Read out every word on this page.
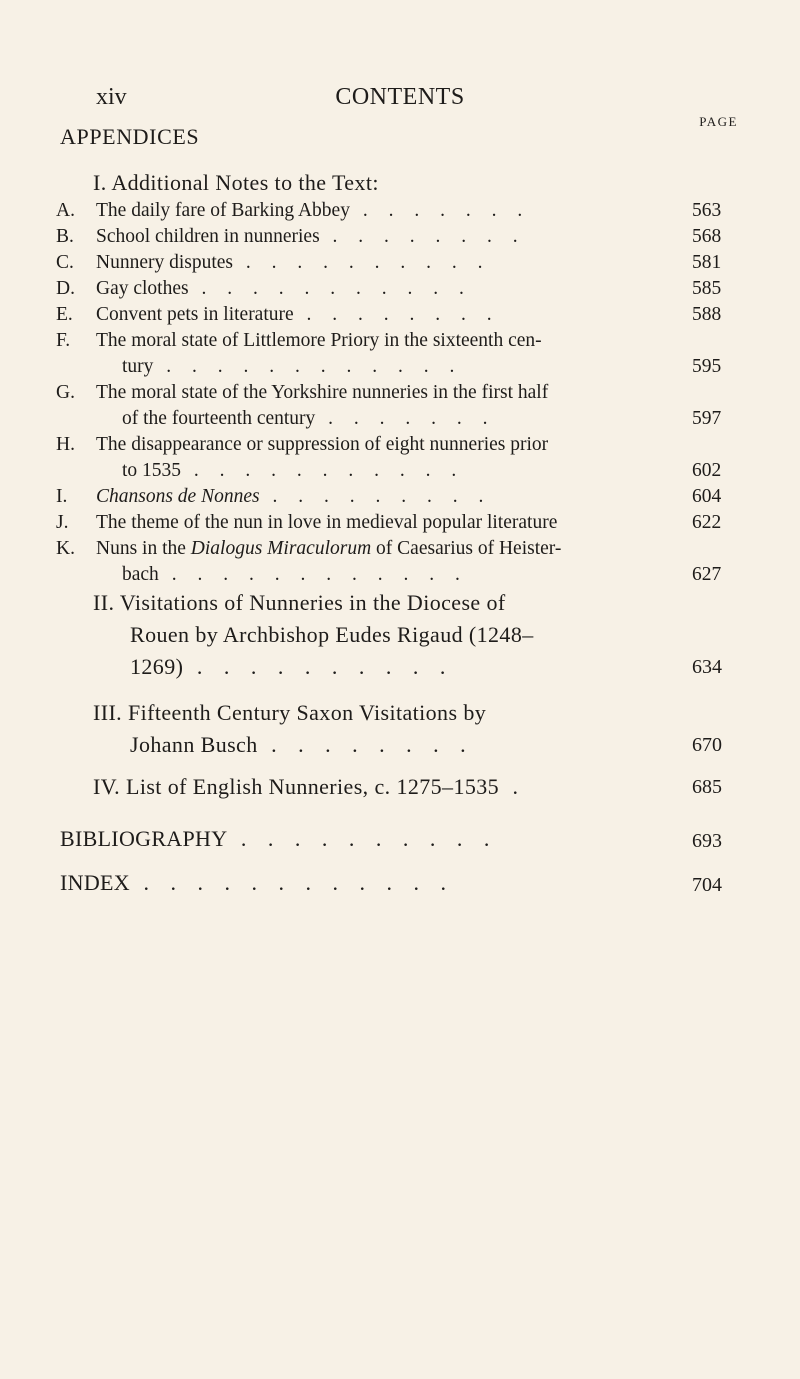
xiv	CONTENTS
PAGE
APPENDICES
I. Additional Notes to the Text:
A.	The daily fare of Barking Abbey . . . . . . .	563
B.	School children in nunneries . . . . . . . .	568
C.	Nunnery disputes . . . . . . . . . .	581
D.	Gay clothes . . . . . . . . . . .	585
E.	Convent pets in literature . . . . . . . .	588
F.	The moral state of Littlemore Priory in the sixteenth cen-
tury . . . . . . . . . . . .	595
G.	The moral state of the Yorkshire nunneries in the first half
of the fourteenth century . . . . . . .	597
H.	The disappearance or suppression of eight nunneries prior
to 1535 . . . . . . . . . . .	602
I.	Chansons de Nonnes . . . . . . . . .	604
J.	The theme of the nun in love in medieval popular literature	622
K.	Nuns in the Dialogus Miraculorum of Caesarius of Heister-
bach . . . . . . . . . . . .	627
II. Visitations of Nunneries in the Diocese of
Rouen by Archbishop Eudes Rigaud (1248–
1269) . . . . . . . . . .	634
III. Fifteenth Century Saxon Visitations by
Johann Busch . . . . . . . .	670
IV. List of English Nunneries, c. 1275–1535 .	685
BIBLIOGRAPHY . . . . . . . . . .	693
INDEX . . . . . . . . . . . .	704
